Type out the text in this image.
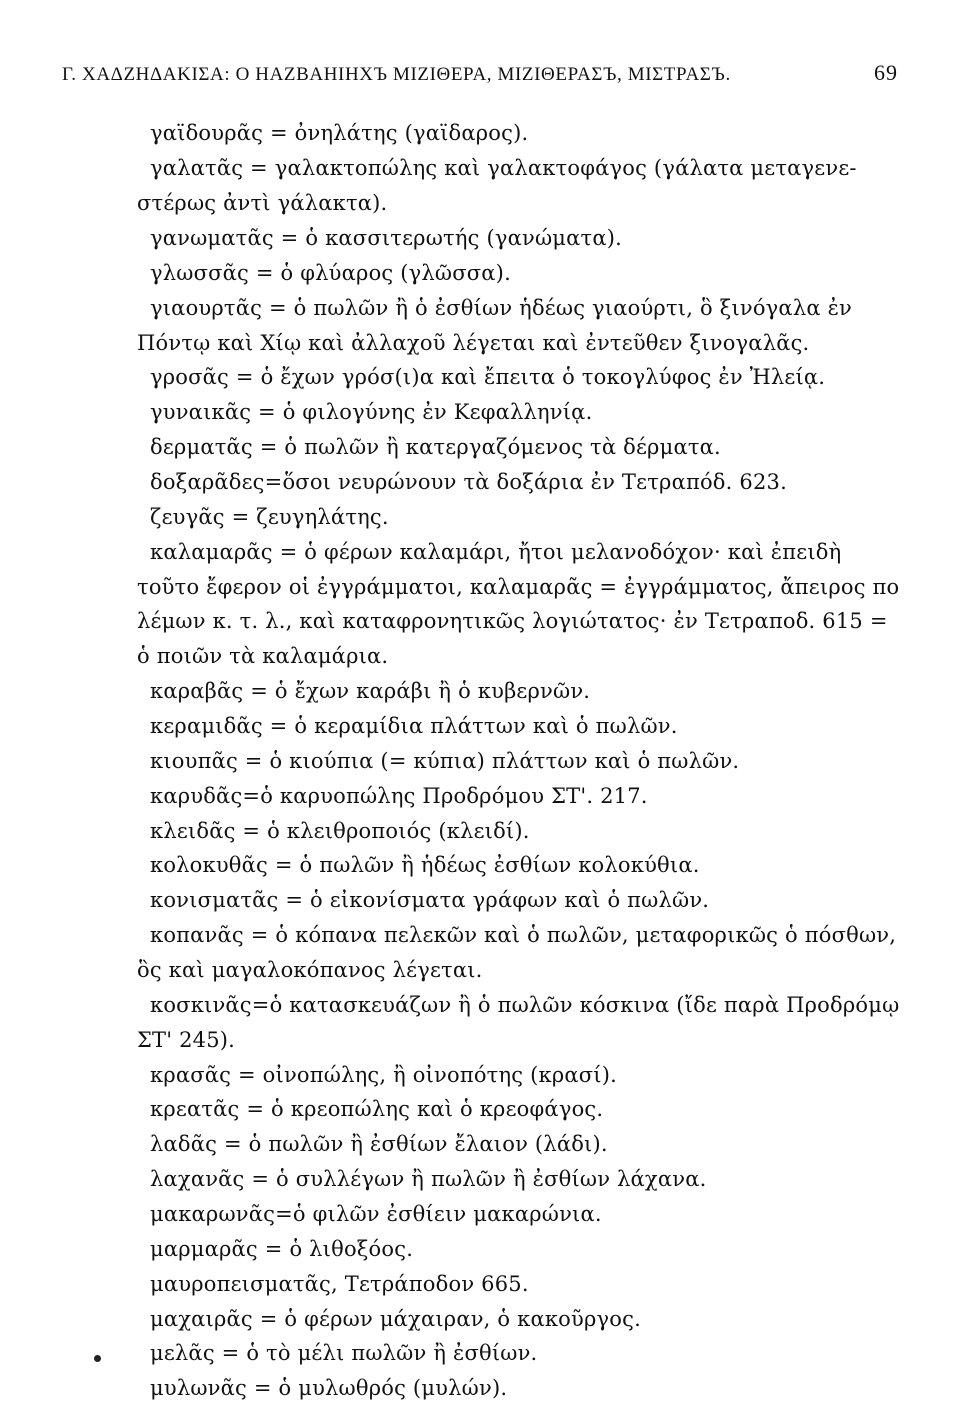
Γ. ΧΑΔΖΗΔΑΚΙΣΑ: Ο ΗΑΖΒΑΗΙΗΧЪ ΜΙΖΙΘΕΡΑ, ΜΙΖΙΘΕΡΑΣЪ, ΜΙΣΤΡΑΣЪ.	69
γαϊδουρᾶς = ὀνηλάτης (γαϊδαρος).
γαλατᾶς = γαλακτοπώλης καὶ γαλακτοφάγος (γάλατα μεταγενε-
στέρως ἀντὶ γάλακτα).
γανωματᾶς = ὁ κασσιτερωτής (γανώματα).
γλωσσᾶς = ὁ φλύαρος (γλῶσσα).
γιαουρτᾶς = ὁ πωλῶν ἢ ὁ ἐσθίων ἡδέως γιαούρτι, ὃ ξινόγαλα ἐν
Πόντῳ καὶ Χίῳ καὶ ἀλλαχοῦ λέγεται καὶ ἐντεῦθεν ξινογαλᾶς.
γροσᾶς = ὁ ἔχων γρόσ(ι)α καὶ ἔπειτα ὁ τοκογλύφος ἐν Ἠλείᾳ.
γυναικᾶς = ὁ φιλογύνης ἐν Κεφαλληνίᾳ.
δερματᾶς = ὁ πωλῶν ἢ κατεργαζόμενος τὰ δέρματα.
δοξαρᾶδες=ὅσοι νευρώνουν τὰ δοξάρια ἐν Τετραπόδ. 623.
ζευγᾶς = ζευγηλάτης.
καλαμαρᾶς = ὁ φέρων καλαμάρι, ἤτοι μελανοδόχον· καὶ ἐπειδὴ
τοῦτο ἔφερον οἱ ἐγγράμματοι, καλαμαρᾶς = ἐγγράμματος, ἄπειρος πο
λέμων κ. τ. λ., καὶ καταφρονητικῶς λογιώτατος· ἐν Τετραποδ. 615 =
ὁ ποιῶν τὰ καλαμάρια.
καραβᾶς = ὁ ἔχων καράβι ἢ ὁ κυβερνῶν.
κεραμιδᾶς = ὁ κεραμίδια πλάττων καὶ ὁ πωλῶν.
κιουπᾶς = ὁ κιούπια (= κύπια) πλάττων καὶ ὁ πωλῶν.
καρυδᾶς=ὁ καρυοπώλης Προδρόμου ΣΤ'. 217.
κλειδᾶς = ὁ κλειθροποιός (κλειδί).
κολοκυθᾶς = ὁ πωλῶν ἢ ἡδέως ἐσθίων κολοκύθια.
κονισματᾶς = ὁ εἰκονίσματα γράφων καὶ ὁ πωλῶν.
κοπανᾶς = ὁ κόπανα πελεκῶν καὶ ὁ πωλῶν, μεταφορικῶς ὁ πόσθων,
ὃς καὶ μαγαλοκόπανος λέγεται.
κοσκινᾶς=ὁ κατασκευάζων ἢ ὁ πωλῶν κόσκινα (ἴδε παρὰ Προδρόμῳ
ΣΤ' 245).
κρασᾶς = οἰνοπώλης, ἢ οἰνοπότης (κρασί).
κρεατᾶς = ὁ κρεοπώλης καὶ ὁ κρεοφάγος.
λαδᾶς = ὁ πωλῶν ἢ ἐσθίων ἔλαιον (λάδι).
λαχανᾶς = ὁ συλλέγων ἢ πωλῶν ἢ ἐσθίων λάχανα.
μακαρωνᾶς=ὁ φιλῶν ἐσθίειν μακαρώνια.
μαρμαρᾶς = ὁ λιθοξόος.
μαυροπεισματᾶς, Τετράποδον 665.
μαχαιρᾶς = ὁ φέρων μάχαιραν, ὁ κακοῦργος.
μελᾶς = ὁ τὸ μέλι πωλῶν ἢ ἐσθίων.
μυλωνᾶς = ὁ μυλωθρός (μυλών).
